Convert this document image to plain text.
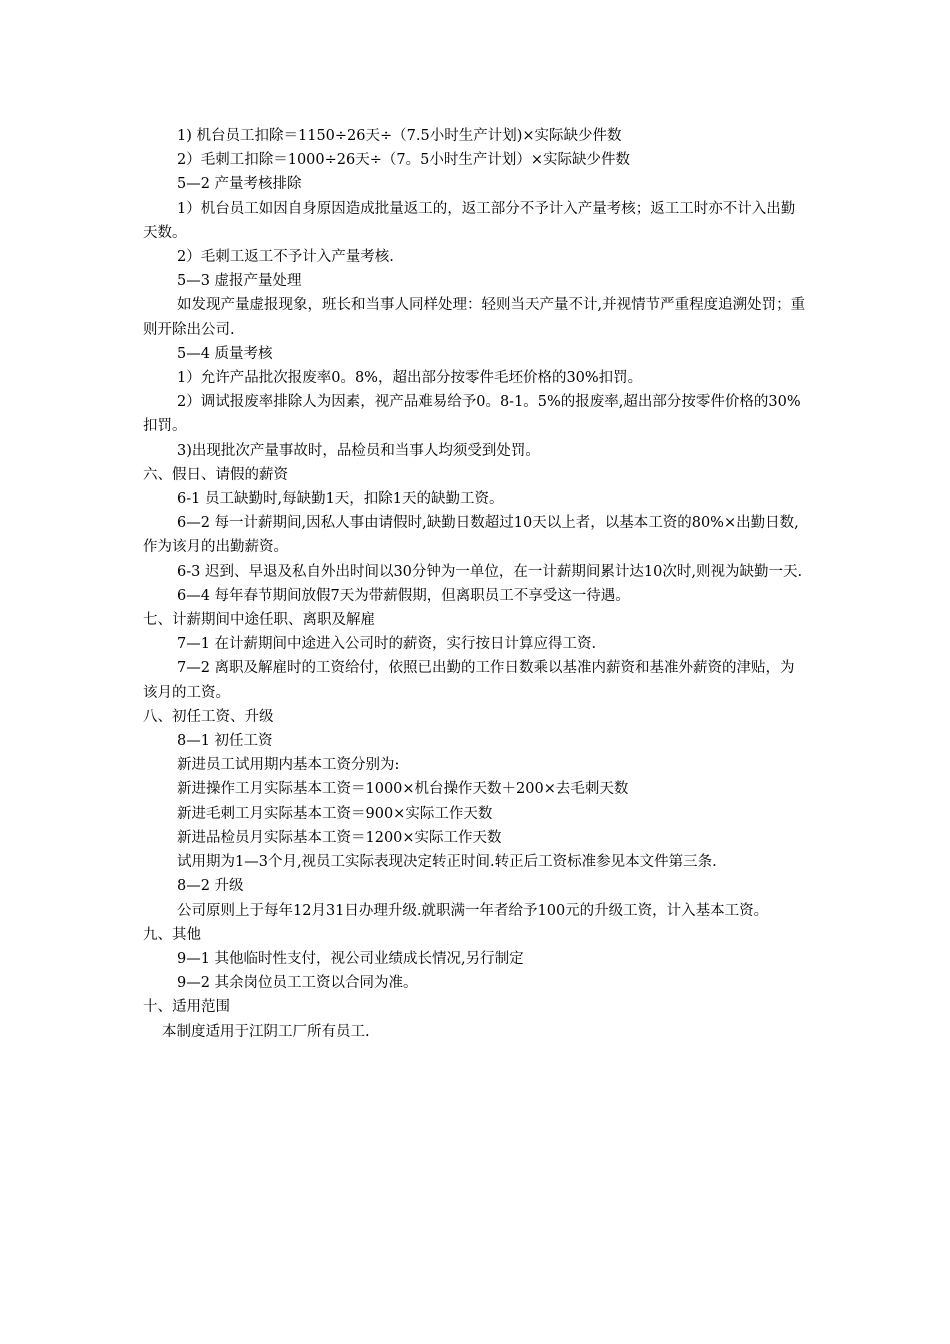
1) 机台员工扣除＝1150÷26天÷（7.5小时生产计划)×实际缺少件数

2）毛刺工扣除＝1000÷26天÷（7。5小时生产计划）×实际缺少件数

5—2 产量考核排除

1）机台员工如因自身原因造成批量返工的，返工部分不予计入产量考核；返工工时亦不计入出勤天数。

2）毛刺工返工不予计入产量考核.

5—3 虚报产量处理

如发现产量虚报现象，班长和当事人同样处理：轻则当天产量不计,并视情节严重程度追溯处罚；重则开除出公司.

5—4 质量考核

1）允许产品批次报废率0。8%，超出部分按零件毛坯价格的30%扣罚。

2）调试报废率排除人为因素，视产品难易给予0。8-1。5%的报废率,超出部分按零件价格的30%扣罚。

3)出现批次产量事故时，品检员和当事人均须受到处罚。

六、假日、请假的薪资

6-1 员工缺勤时,每缺勤1天，扣除1天的缺勤工资。

6—2 每一计薪期间,因私人事由请假时,缺勤日数超过10天以上者，以基本工资的80%×出勤日数,作为该月的出勤薪资。

6-3 迟到、早退及私自外出时间以30分钟为一单位，在一计薪期间累计达10次时,则视为缺勤一天.

6—4 每年春节期间放假7天为带薪假期，但离职员工不享受这一待遇。

七、计薪期间中途任职、离职及解雇

7—1 在计薪期间中途进入公司时的薪资，实行按日计算应得工资.

7—2 离职及解雇时的工资给付，依照已出勤的工作日数乘以基准内薪资和基准外薪资的津贴，为该月的工资。

八、初任工资、升级

8—1 初任工资

新进员工试用期内基本工资分别为:

新进操作工月实际基本工资＝1000×机台操作天数＋200×去毛刺天数

新进毛刺工月实际基本工资＝900×实际工作天数

新进品检员月实际基本工资＝1200×实际工作天数

试用期为1—3个月,视员工实际表现决定转正时间.转正后工资标准参见本文件第三条.

8—2 升级

公司原则上于每年12月31日办理升级.就职满一年者给予100元的升级工资，计入基本工资。

九、其他

9—1 其他临时性支付，视公司业绩成长情况,另行制定

9—2 其余岗位员工工资以合同为准。

十、适用范围

本制度适用于江阴工厂所有员工.
